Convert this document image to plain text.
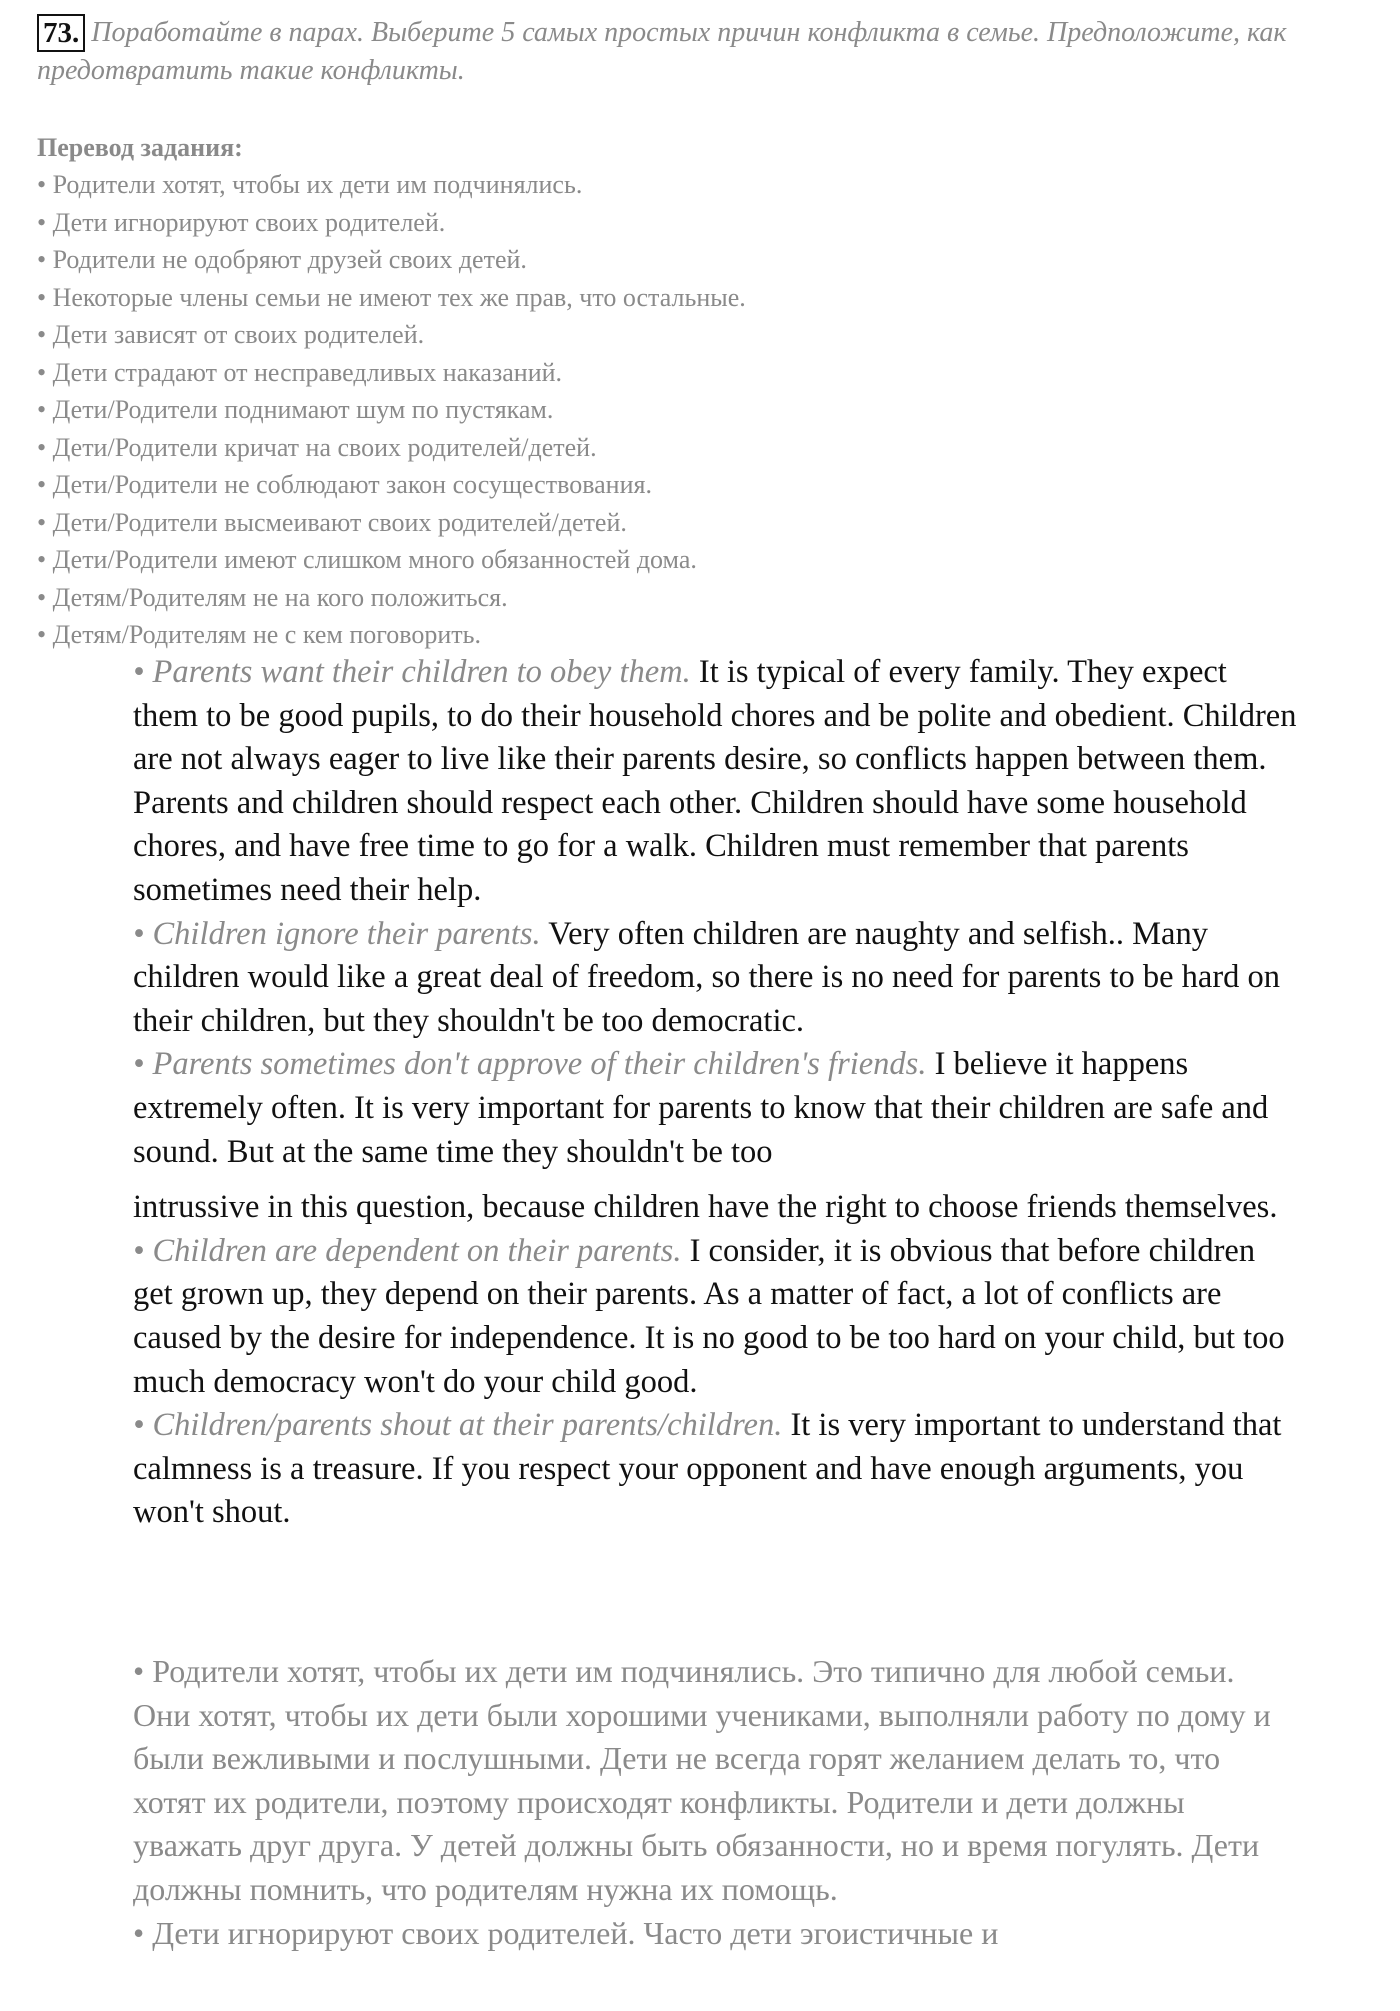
73. Поработайте в парах. Выберите 5 самых простых причин конфликта в семье. Предположите, как предотвратить такие конфликты.

Перевод задания:

• Родители хотят, чтобы их дети им подчинялись.
• Дети игнорируют своих родителей.
• Родители не одобряют друзей своих детей.
• Некоторые члены семьи не имеют тех же прав, что остальные.
• Дети зависят от своих родителей.
• Дети страдают от несправедливых наказаний.
• Дети/Родители поднимают шум по пустякам.
• Дети/Родители кричат на своих родителей/детей.
• Дети/Родители не соблюдают закон сосуществования.
• Дети/Родители высмеивают своих родителей/детей.
• Дети/Родители имеют слишком много обязанностей дома.
• Детям/Родителям не на кого положиться.
• Детям/Родителям не с кем поговорить.

• Parents want their children to obey them. It is typical of every family. They expect them to be good pupils, to do their household chores and be polite and obedient. Children are not always eager to live like their parents desire, so conflicts happen between them. Parents and children should respect each other. Children should have some household chores, and have free time to go for a walk. Children must remember that parents sometimes need their help.

• Children ignore their parents. Very often children are naughty and selfish.. Many children would like a great deal of freedom, so there is no need for parents to be hard on their children, but they shouldn't be too democratic.

• Parents sometimes don't approve of their children's friends. I believe it happens extremely often. It is very important for parents to know that their children are safe and sound. But at the same time they shouldn't be too

intrussive in this question, because children have the right to choose friends themselves.

• Children are dependent on their parents. I consider, it is obvious that before children get grown up, they depend on their parents. As a matter of fact, a lot of conflicts are caused by the desire for independence. It is no good to be too hard on your child, but too much democracy won't do your child good.

• Children/parents shout at their parents/children. It is very important to understand that calmness is a treasure. If you respect your opponent and have enough arguments, you won't shout.

• Родители хотят, чтобы их дети им подчинялись. Это типично для любой семьи. Они хотят, чтобы их дети были хорошими учениками, выполняли работу по дому и были вежливыми и послушными. Дети не всегда горят желанием делать то, что хотят их родители, поэтому происходят конфликты. Родители и дети должны уважать друг друга. У детей должны быть обязанности, но и время погулять. Дети должны помнить, что родителям нужна их помощь.

• Дети игнорируют своих родителей. Часто дети эгоистичные и
